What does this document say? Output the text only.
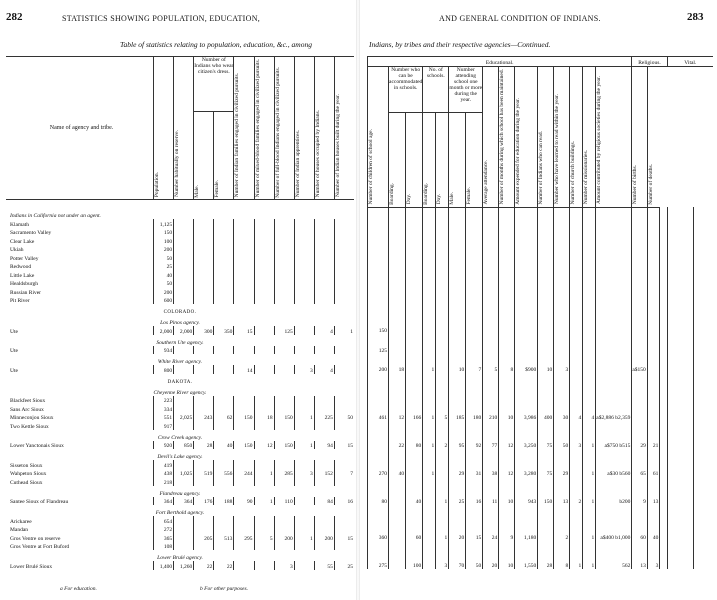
282	STATISTICS SHOWING POPULATION, EDUCATION,
Table of statistics relating to population, education, &c., among
Name of agency and tribe.	Population.	Number habitually on reserve.	Number of Indians who wear citizen's dress.		Number of Indian families engaged in civilized pursuits.	Number of mixed-blood families engaged in civilized pursuits.	Number of full-blood Indians engaged in civilized pursuits.	Number of Indian apprentices.	Number of houses occupied by Indians.	Number of Indian houses built during the year.

			Male.	Female.						

Indians in California not under an agent.										
Klamath	1,125									
Sacramento Valley	150									
Clear Lake	100									
Ukiah	200									
Potter Valley	50									
Redwood	25									
Little Lake	40									
Healdsburgh	50									
Russian River	200									
Pit River	600									
COLORADO.										
Los Pinos agency.										
Ute	2,000	2,000	300	350	15		125		4	1
Southern Ute agency.										
Ute	934									
White River agency.										
Ute	800				14			3	4	
DAKOTA.										
Cheyenne River agency.										
Blackfeet Sioux	223									
Sans Arc Sioux	334									
Minneconjou Sioux	551	2,025	243	62	150	18	150	1	225	50
Two Kettle Sioux	917									
Crow Creek agency.										
Lower Yanctonais Sioux	920	850	28	40	150	12	150	1	94	15
Devil's Lake agency.										
Sisseton Sioux	419									
Wahpeton Sioux	438	1,025	519	556	244	1	285	3	152	7
Cuthead Sioux	218									
Flandreau agency.										
Santee Sioux of Flandreau	364	364	176	188	90	1	110		84	16
Fort Berthold agency.										
Arickaree	654									
Mandan	272									
Gros Ventre on reserve	365		205	513	295	5	200	1	200	15
Gros Ventre at Fort Buford	108									
Lower Brulé agency.										
Lower Brulé Sioux	1,400	1,260	22	22			3		55	25
a For education.	b For other purposes.
AND GENERAL CONDITION OF INDIANS.	283
Indians, by tribes and their respective agencies—Continued.
Educational.															Religious.			Vital.	

Number of children of school age.	Number who can be accommodated in schools.		No. of schools.		Number attending school one month or more during the year.		Average attendance.	Number of months during which school has been maintained.	Amount expended for education during the year.	Number of Indians who can read.	Number who have learned to read within the year.	Number of church buildings.	Number of missionaries.	Amount contributed by religious societies during the year.	Number of births.	Number of deaths.			

	Boarding.	Day.	Boarding.	Day.	Male.	Female.													

150																			

125																			

200	18		1		10	7	5	8	$900	10	3				a$150				

461	12	166	1	5	185	180	210	10	3,986	400	30	4	4	a$2,886 b2,359					

	22	80	1	2	95	92	77	12	3,250	75	50	3	1	a$750 b515	29	21			

270	40		1		29	31	38	12	3,280	75	29		1	a$30 b560	65	61			

80		40		1	25	16	11	10	943	150	13	2	1	b200	9	13			

360		60		1	20	15	24	9	1,180		2		1	a$400 b1,000	60	40			

275		100		3	70	50	20	10	1,550	28	8	1	1	562	13	3			
